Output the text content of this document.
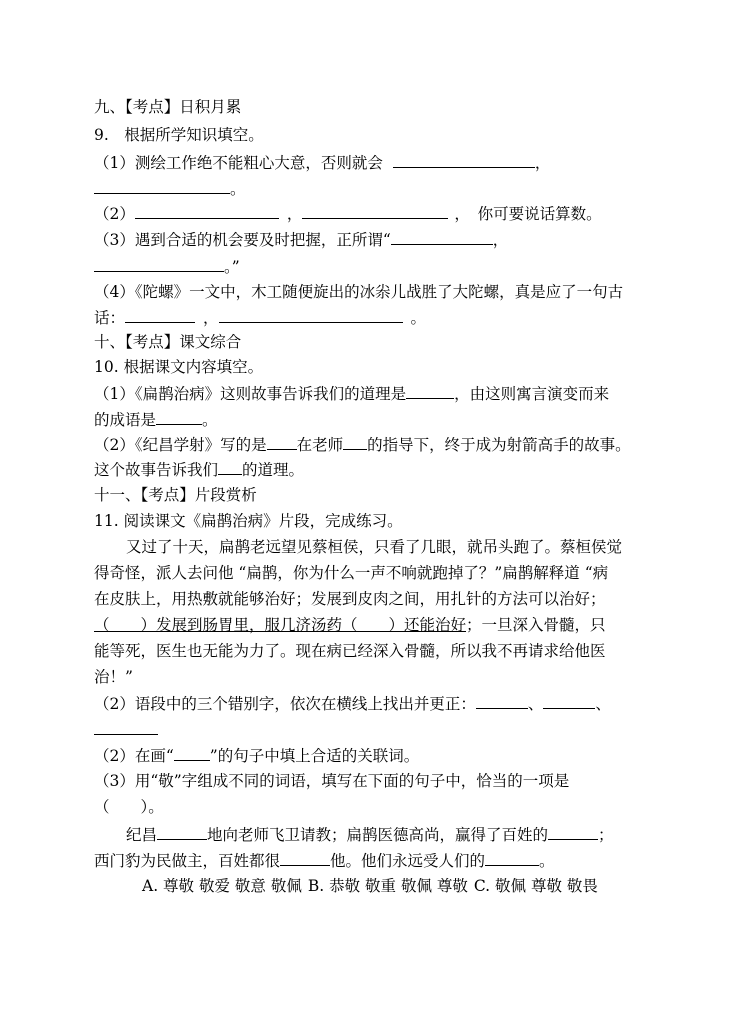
九、【考点】日积月累
9.　根据所学知识填空。
（1）测绘工作绝不能粗心大意，否则就会	，
。
（2）	，	，　你可要说话算数。
（3）遇到合适的机会要及时把握，正所谓“	，
。”
（4）《陀螺》一文中，木工随便旋出的冰尜儿战胜了大陀螺，真是应了一句古
话：	，	。
十、【考点】课文综合
10. 根据课文内容填空。
（1）《扁鹊治病》这则故事告诉我们的道理是	，由这则寓言演变而来
的成语是	。
（2）《纪昌学射》写的是 在老师 的指导下，终于成为射箭高手的故事。
这个故事告诉我们 的道理。
十一、【考点】片段赏析
11. 阅读课文《扁鹊治病》片段，完成练习。
又过了十天，扁鹊老远望见蔡桓侯，只看了几眼，就吊头跑了。蔡桓侯觉
得奇怪，派人去问他 “扁鹊，你为什么一声不响就跑掉了？”扁鹊解释道 “病
在皮肤上，用热敷就能够治好；发展到皮肉之间，用扎针的方法可以治好；
（　　）发展到肠胃里，服几济汤药（　　）还能治好；一旦深入骨髓，只
能等死，医生也无能为力了。现在病已经深入骨髓，所以我不再请求给他医
治！”
（2）语段中的三个错别字，依次在横线上找出并更正：	、	、
（2）在画“ ”的句子中填上合适的关联词。
（3）用“敬”字组成不同的词语，填写在下面的句子中，恰当的一项是
（　　）。
纪昌	地向老师飞卫请教；扁鹊医德高尚，赢得了百姓的	；
西门豹为民做主，百姓都很	他。他们永远受人们的	。
A. 尊敬 敬爱 敬意 敬佩 B. 恭敬 敬重 敬佩 尊敬 C. 敬佩 尊敬 敬畏
